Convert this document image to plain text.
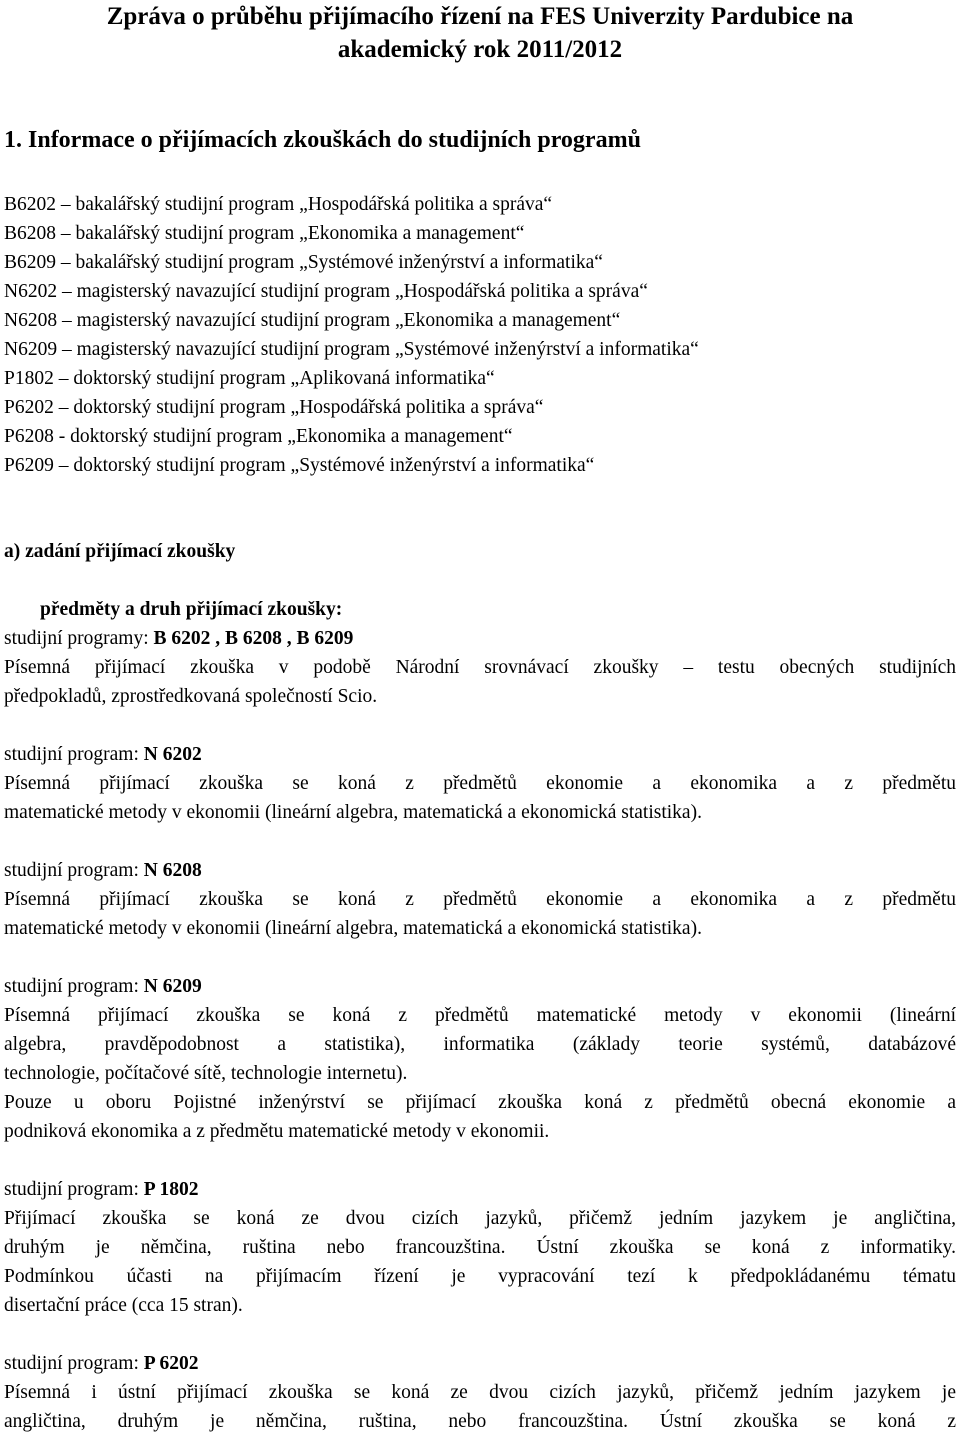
Zpráva o průběhu přijímacího řízení na FES Univerzity Pardubice na
akademický rok 2011/2012
1. Informace o přijímacích zkouškách do studijních programů
B6202 – bakalářský studijní program „Hospodářská politika a správa“
B6208 – bakalářský studijní program „Ekonomika a management“
B6209 – bakalářský studijní program „Systémové inženýrství a informatika“
N6202 – magisterský navazující studijní program „Hospodářská politika a správa“
N6208 – magisterský navazující studijní program „Ekonomika a management“
N6209 – magisterský navazující studijní program „Systémové inženýrství a informatika“
P1802 – doktorský studijní program „Aplikovaná informatika“
P6202 – doktorský studijní program „Hospodářská politika a správa“
P6208 - doktorský studijní program „Ekonomika a management“
P6209 – doktorský studijní program „Systémové inženýrství a informatika“
a) zadání přijímací zkoušky
předměty a druh přijímací zkoušky:
studijní programy: B 6202 , B 6208 , B 6209
Písemná přijímací zkouška v podobě Národní srovnávací zkoušky – testu obecných studijních
předpokladů, zprostředkovaná společností Scio.
studijní program: N 6202
Písemná přijímací zkouška se koná z předmětů ekonomie a ekonomika a z předmětu
matematické metody v ekonomii (lineární algebra, matematická a ekonomická statistika).
studijní program: N 6208
Písemná přijímací zkouška se koná z předmětů ekonomie a ekonomika a z předmětu
matematické metody v ekonomii (lineární algebra, matematická a ekonomická statistika).
studijní program: N 6209
Písemná přijímací zkouška se koná z předmětů matematické metody v ekonomii (lineární
algebra, pravděpodobnost a statistika), informatika (základy teorie systémů, databázové
technologie, počítačové sítě, technologie internetu).
Pouze u oboru Pojistné inženýrství se přijímací zkouška koná z předmětů obecná ekonomie a
podniková ekonomika a z předmětu matematické metody v ekonomii.
studijní program: P 1802
Přijímací zkouška se koná ze dvou cizích jazyků, přičemž jedním jazykem je angličtina,
druhým je němčina, ruština nebo francouzština. Ústní zkouška se koná z informatiky.
Podmínkou účasti na přijímacím řízení je vypracování tezí k předpokládanému tématu
disertační práce (cca 15 stran).
studijní program: P 6202
Písemná i ústní přijímací zkouška se koná ze dvou cizích jazyků, přičemž jedním jazykem je
angličtina, druhým je němčina, ruština, nebo francouzština. Ústní zkouška se koná z
